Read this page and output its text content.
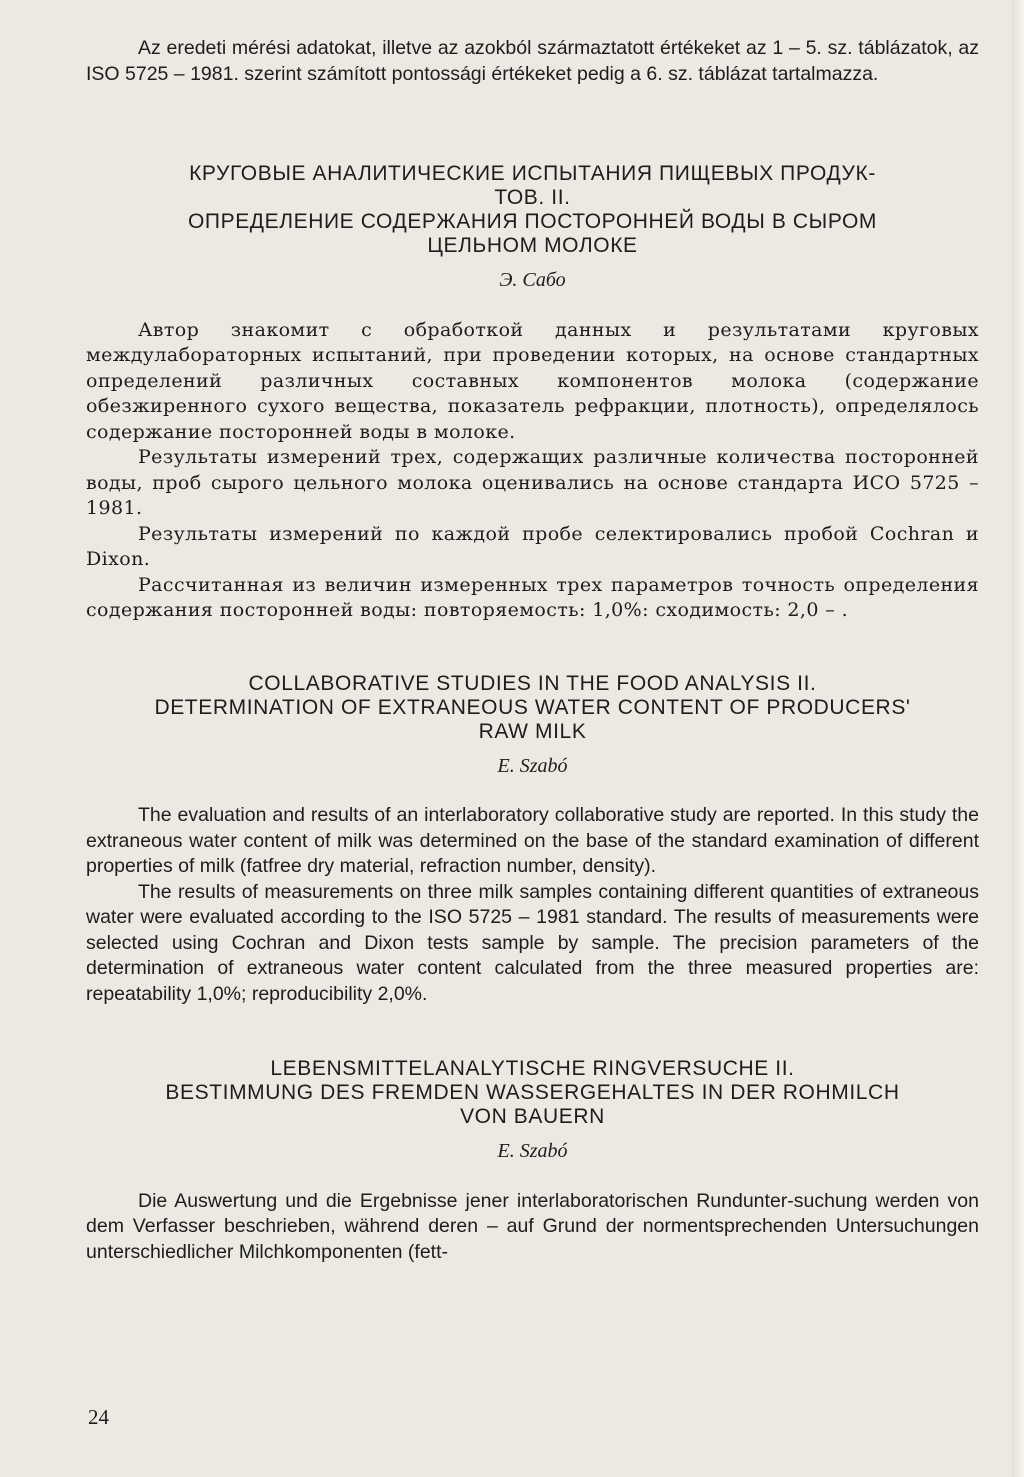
Az eredeti mérési adatokat, illetve az azokból származtatott értékeket az 1 – 5. sz. táblázatok, az ISO 5725 – 1981. szerint számított pontossági értékeket pedig a 6. sz. táblázat tartalmazza.

КРУГОВЫЕ АНАЛИТИЧЕСКИЕ ИСПЫТАНИЯ ПИЩЕВЫХ ПРОДУК-
ТОВ. II.
ОПРЕДЕЛЕНИЕ СОДЕРЖАНИЯ ПОСТОРОННЕЙ ВОДЫ В СЫРОМ
ЦЕЛЬНОМ МОЛОКЕ
Э. Сабо

Автор знакомит с обработкой данных и результатами круговых междулабораторных испытаний, при проведении которых, на основе стандартных определений различных составных компонентов молока (содержание обезжиренного сухого вещества, показатель рефракции, плотность), определялось содержание посторонней воды в молоке.

Результаты измерений трех, содержащих различные количества посторонней воды, проб сырого цельного молока оценивались на основе стандарта ИСО 5725 – 1981.

Результаты измерений по каждой пробе селектировались пробой Cochran и Dixon.

Рассчитанная из величин измеренных трех параметров точность определения содержания посторонней воды: повторяемость: 1,0%: сходимость: 2,0 – .

COLLABORATIVE STUDIES IN THE FOOD ANALYSIS II.
DETERMINATION OF EXTRANEOUS WATER CONTENT OF PRODUCERS'
RAW MILK
E. Szabó

The evaluation and results of an interlaboratory collaborative study are reported. In this study the extraneous water content of milk was determined on the base of the standard examination of different properties of milk (fatfree dry material, refraction number, density).

The results of measurements on three milk samples containing different quantities of extraneous water were evaluated according to the ISO 5725 – 1981 standard. The results of measurements were selected using Cochran and Dixon tests sample by sample. The precision parameters of the determination of extraneous water content calculated from the three measured properties are: repeatability 1,0%; reproducibility 2,0%.

LEBENSMITTELANALYTISCHE RINGVERSUCHE II.
BESTIMMUNG DES FREMDEN WASSERGEHALTES IN DER ROHMILCH
VON BAUERN
E. Szabó

Die Auswertung und die Ergebnisse jener interlaboratorischen Rundunter-suchung werden von dem Verfasser beschrieben, während deren – auf Grund der normentsprechenden Untersuchungen unterschiedlicher Milchkomponenten (fett-

24
